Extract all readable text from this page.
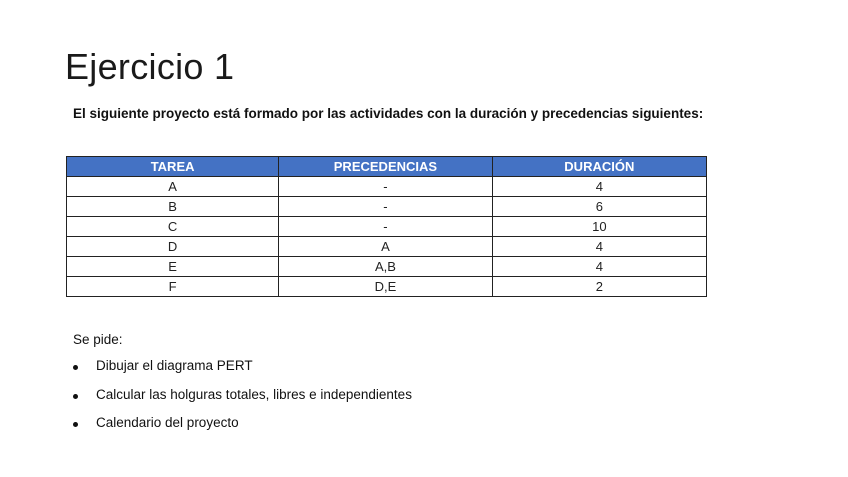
Ejercicio 1
El siguiente proyecto está formado por las actividades con la duración y precedencias siguientes:
TAREA	PRECEDENCIAS	DURACIÓN
A	-	4
B	-	6
C	-	10
D	A	4
E	A,B	4
F	D,E	2
Se pide:
Dibujar el diagrama PERT
Calcular las holguras totales, libres e independientes
Calendario del proyecto
